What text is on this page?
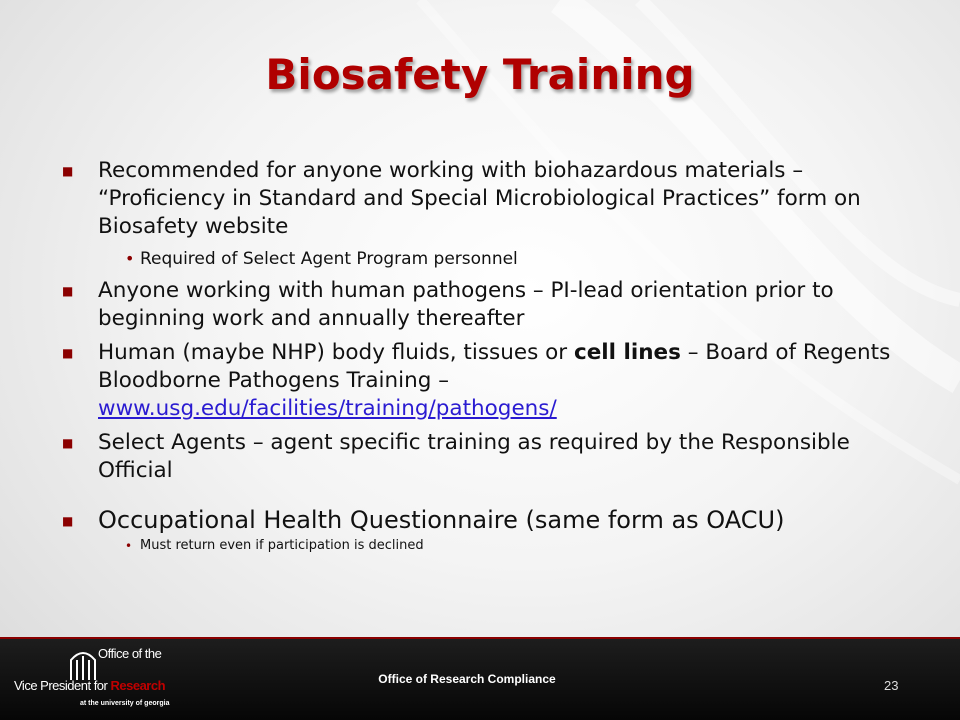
Biosafety Training

■ Recommended for anyone working with biohazardous materials – “Proficiency in Standard and Special Microbiological Practices” form on Biosafety website

• Required of Select Agent Program personnel

■ Anyone working with human pathogens – PI-lead orientation prior to beginning work and annually thereafter

■ Human (maybe NHP) body fluids, tissues or cell lines – Board of Regents Bloodborne Pathogens Training –
www.usg.edu/facilities/training/pathogens/

■ Select Agents – agent specific training as required by the Responsible Official

■ Occupational Health Questionnaire (same form as OACU)

• Must return even if participation is declined

Office of the
Vice President for Research
at the university of georgia
Office of Research Compliance	23
